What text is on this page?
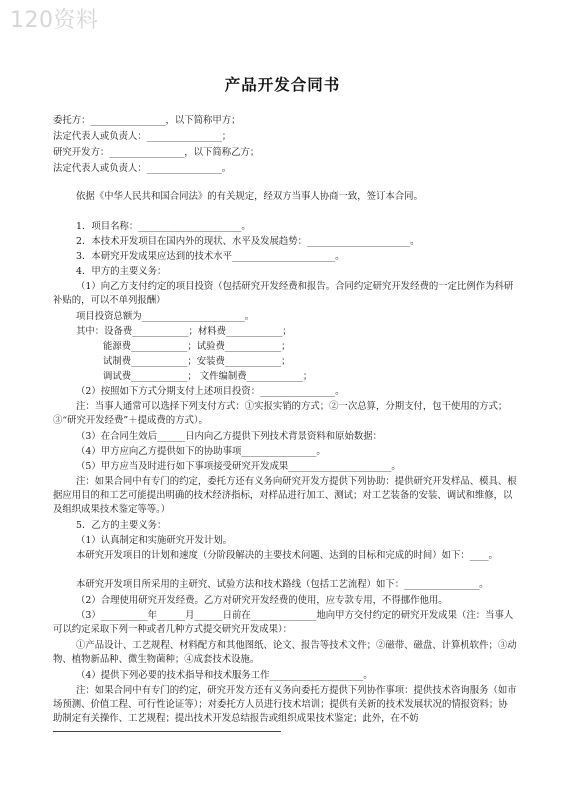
120资料
产品开发合同书
委托方：________________，以下简称甲方；
法定代表人或负责人：________________；
研究开发方：________________，以下简称乙方；
法定代表人或负责人：________________。
依据《中华人民共和国合同法》的有关规定，经双方当事人协商一致，签订本合同。
1．项目名称：______________________。
2．本技术开发项目在国内外的现状、水平及发展趋势：______________________。
3．本研究开发成果应达到的技术水平______________________。
4．甲方的主要义务：
（1）向乙方支付约定的项目投资（包括研究开发经费和报告。合同约定研究开发经费的一定比例作为科研补贴的，可以不单列报酬）
项目投资总额为______________________。
其中：设备费____________；材料费____________；
能源费____________；试验费____________；
试制费____________；安装费____________；
调试费____________； 文件编制费____________；
（2）按照如下方式分期支付上述项目投资：________________。
注：当事人通常可以选择下列支付方式：①实报实销的方式；②一次总算，分期支付，包干使用的方式；③“研究开发经费”＋提成费的方式）。
（3）在合同生效后______日内向乙方提供下列技术背景资料和原始数据：
（4）甲方应向乙方提供如下的协助事项________________。
（5）甲方应当及时进行如下事项接受研究开发成果______________________。
注：如果合同中有专门的约定，委托方还有义务向研究开发方提供下列协助：提供研究开发样品、模具、根据应用目的和工艺可能提出明确的技术经济指标，对样品进行加工、测试；对工艺装备的安装、调试和维修，以及组织成果技术鉴定等等。）
5．乙方的主要义务：
（1）认真制定和实施研究开发计划。
本研究开发项目的计划和速度（分阶段解决的主要技术问题、达到的目标和完成的时间）如下：____。
本研究开发项目所采用的主研究、试验方法和技术路线（包括工艺流程）如下：________________。
（2）合理使用研究开发经费。乙方对研究开发经费的使用，应专款专用，不得挪作他用。
（3）__________年______月______日前在______________地向甲方交付约定的研究开发成果（注：当事人可以约定采取下列一种或者几种方式提交研究开发成果）：
①产品设计、工艺规程、材料配方和其他图纸、论文、报告等技术文件；②磁带、磁盘、计算机软件；③动物、植物新品种、微生物菌种；④成套技术设施。
（4）提供下列必要的技术指导和技术服务工作____________________。
注：如果合同中有专门的约定，研究开发方还有义务向委托方提供下列协作事项：提供技术咨询服务（如市场预测、价值工程、可行性论证等）；对委托方人员进行技术培训；提供有关新的技术发展状况的情报资料；协助制定有关操作、工艺规程；提出技术开发总结报告或组织成果技术鉴定；此外，在不妨
